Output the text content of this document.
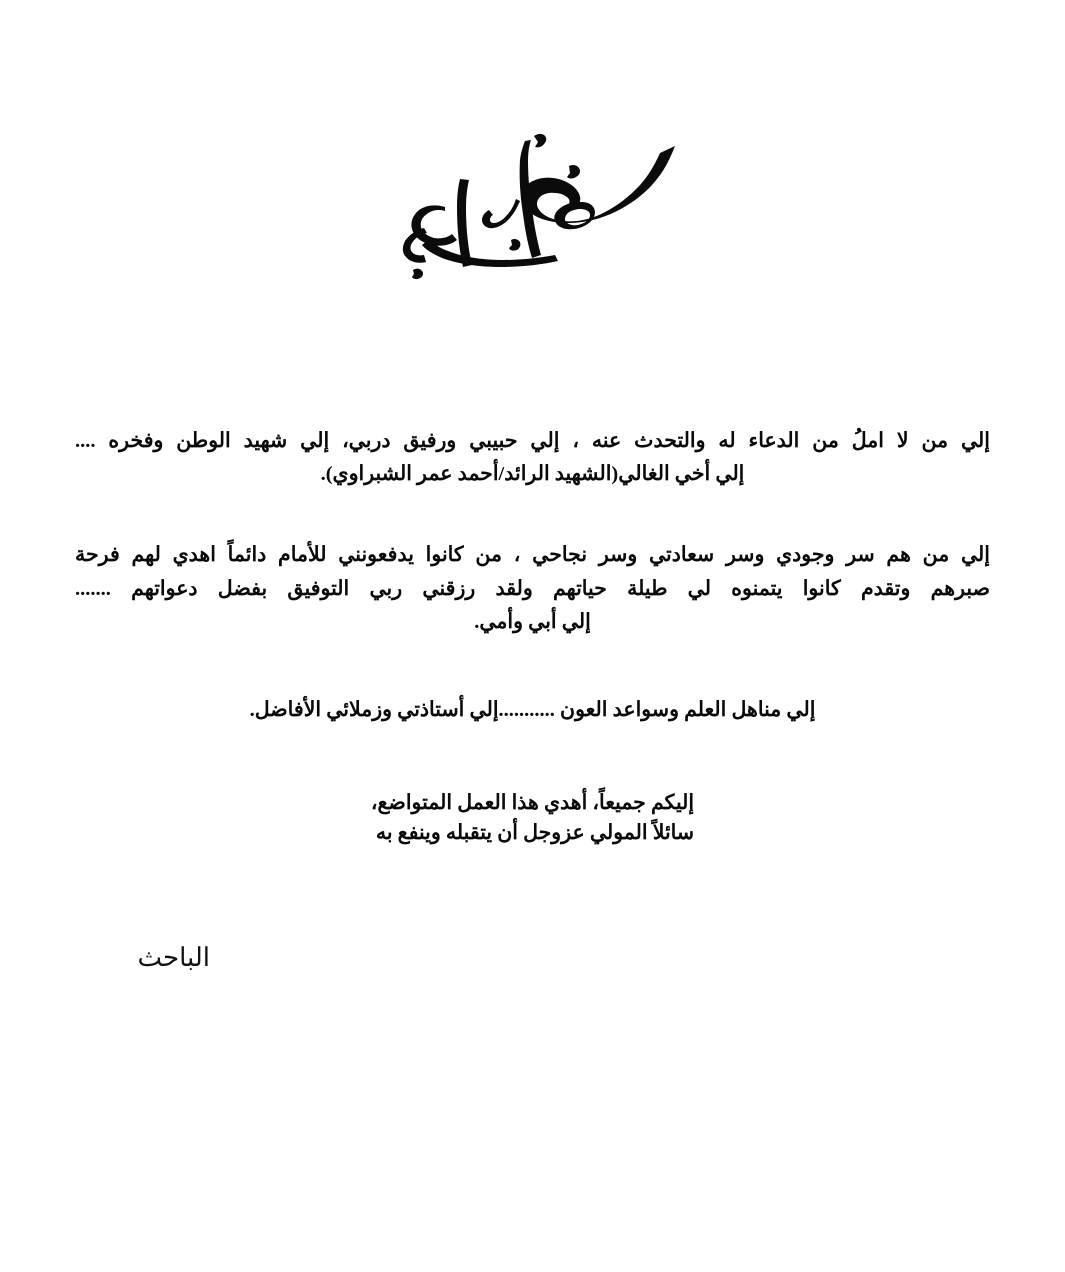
إلي من لا املُ من الدعاء له والتحدث عنه ، إلي حبيبي ورفيق دربي، إلي شهيد الوطن وفخره ....
إلي أخي الغالي(الشهيد الرائد/أحمد عمر الشبراوي).
إلي من هم سر وجودي وسر سعادتي وسر نجاحي ، من كانوا يدفعونني للأمام دائماً اهدي لهم فرحة
صبرهم وتقدم كانوا يتمنوه لي طيلة حياتهم ولقد رزقني ربي التوفيق بفضل دعواتهم .......
إلي أبي وأمي.
إلي مناهل العلم وسواعد العون ...........إلي أستاذتي وزملائي الأفاضل.
إليكم جميعاً، أهدي هذا العمل المتواضع،
سائلاً المولي عزوجل أن يتقبله وينفع به
الباحث
